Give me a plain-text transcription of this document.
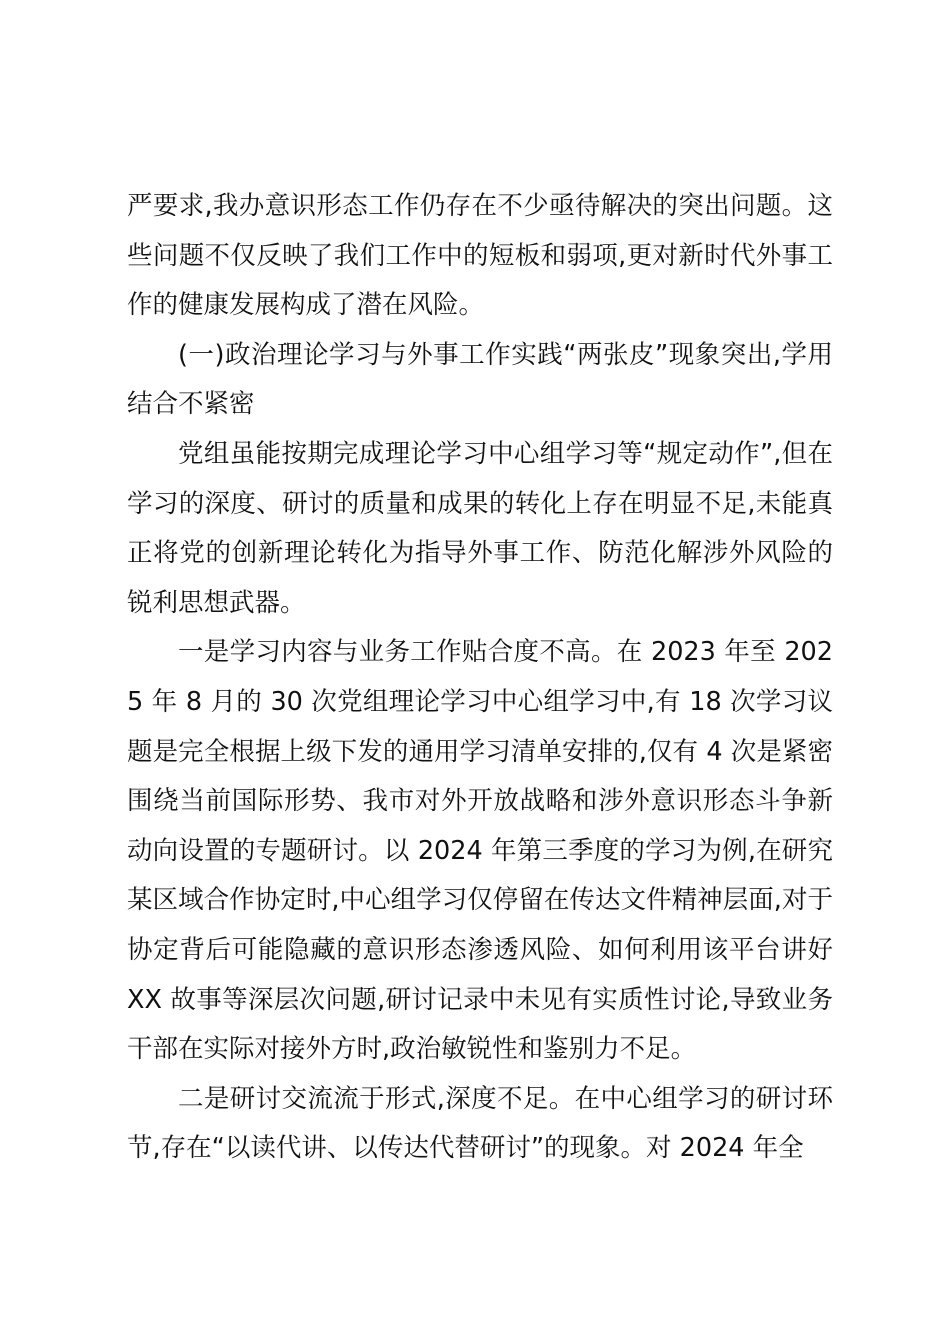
严要求,我办意识形态工作仍存在不少亟待解决的突出问题。这些问题不仅反映了我们工作中的短板和弱项,更对新时代外事工作的健康发展构成了潜在风险。

(一)政治理论学习与外事工作实践“两张皮”现象突出,学用结合不紧密

党组虽能按期完成理论学习中心组学习等“规定动作”,但在学习的深度、研讨的质量和成果的转化上存在明显不足,未能真正将党的创新理论转化为指导外事工作、防范化解涉外风险的锐利思想武器。

一是学习内容与业务工作贴合度不高。在 2023 年至 2025 年 8 月的 30 次党组理论学习中心组学习中,有 18 次学习议题是完全根据上级下发的通用学习清单安排的,仅有 4 次是紧密围绕当前国际形势、我市对外开放战略和涉外意识形态斗争新动向设置的专题研讨。以 2024 年第三季度的学习为例,在研究某区域合作协定时,中心组学习仅停留在传达文件精神层面,对于协定背后可能隐藏的意识形态渗透风险、如何利用该平台讲好 XX 故事等深层次问题,研讨记录中未见有实质性讨论,导致业务干部在实际对接外方时,政治敏锐性和鉴别力不足。

二是研讨交流流于形式,深度不足。在中心组学习的研讨环节,存在“以读代讲、以传达代替研讨”的现象。对 2024 年全
